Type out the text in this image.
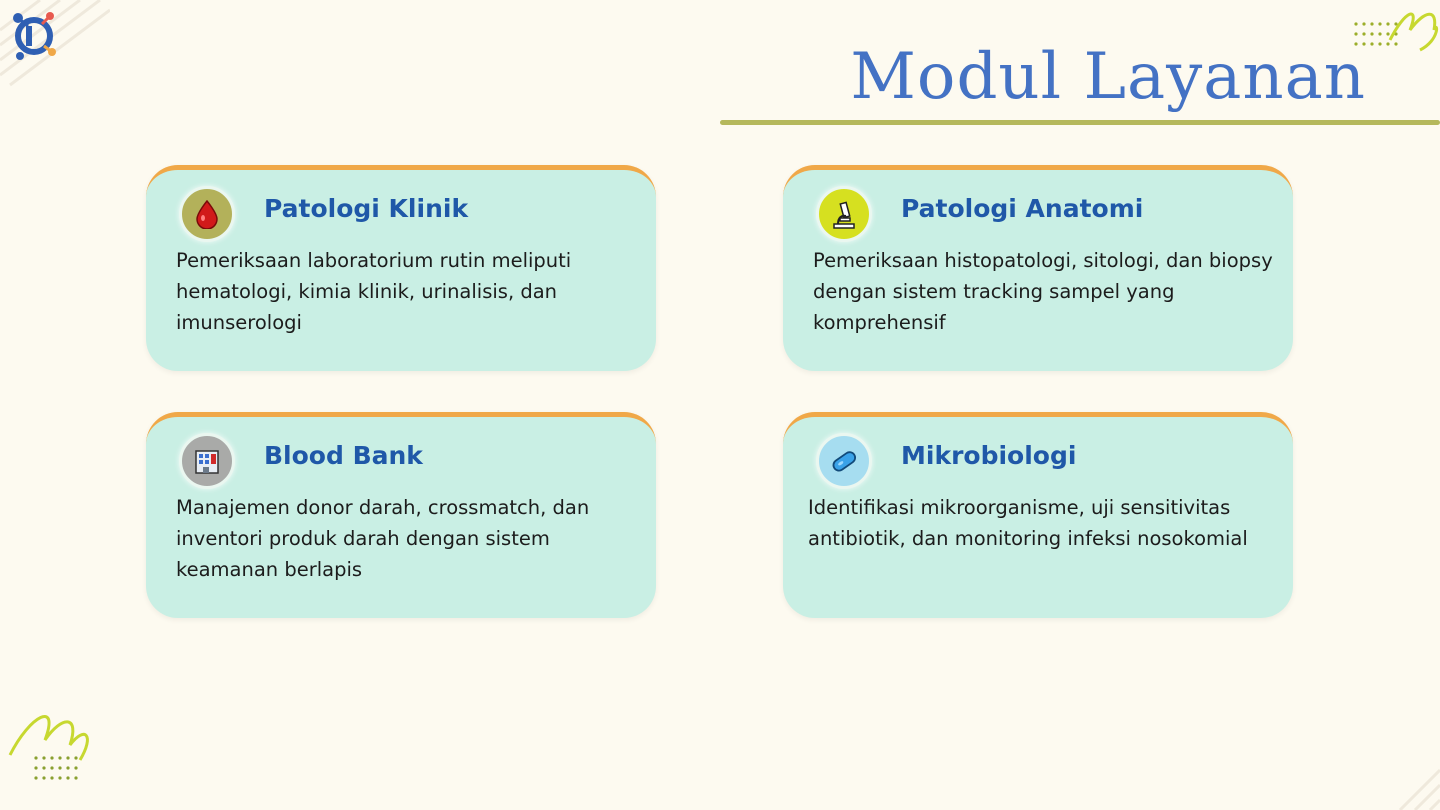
Modul Layanan
Patologi Klinik
Pemeriksaan laboratorium rutin meliputi hematologi, kimia klinik, urinalisis, dan imunserologi
Patologi Anatomi
Pemeriksaan histopatologi, sitologi, dan biopsy dengan sistem tracking sampel yang komprehensif
Blood Bank
Manajemen donor darah, crossmatch, dan inventori produk darah dengan sistem keamanan berlapis
Mikrobiologi
Identifikasi mikroorganisme, uji sensitivitas antibiotik, dan monitoring infeksi nosokomial
